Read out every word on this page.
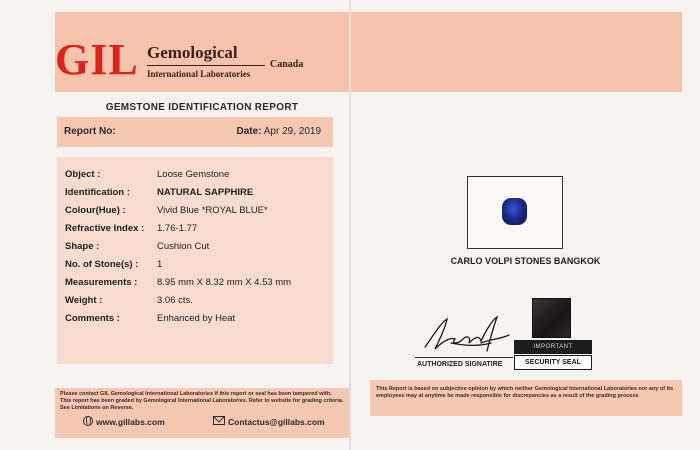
GIL Gemological
International Laboratories
Canada
GEMSTONE IDENTIFICATION REPORT
Report No:	Date: Apr 29, 2019
Object :	Loose Gemstone
Identification :	NATURAL SAPPHIRE
Colour(Hue) :	Vivid Blue *ROYAL BLUE*
Refractive Index : 1.76-1.77
Shape :	Cushion Cut
No. of Stone(s) : 1
Measurements : 8.95 mm X 8.32 mm X 4.53 mm
Weight :	3.06 cts.
Comments :	Enhanced by Heat
Please contact GIL Gemological International Laboratories if this report or seal has been tampered with. This report has been graded by Gemological International Laboratories. Refer to website for grading criteria. See Limitations on Reverse.
www.gillabs.com	Contactus@gillabs.com
CARLO VOLPI STONES BANGKOK
AUTHORIZED SIGNATIRE
IMPORTANT
SECURITY SEAL
This Report is based on subjective opinion by which neither Gemological International Laboratories nor any of its employees may at anytime be made responsible for discrepancies as a result of the grading process
